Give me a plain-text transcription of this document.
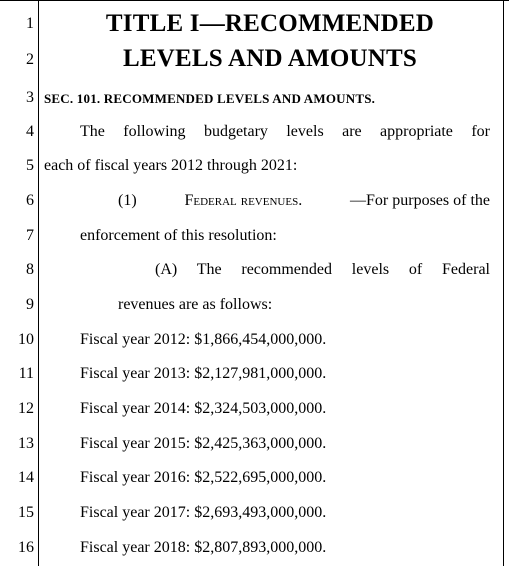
1
2
3
4
5
6
7
8
9
10
11
12
13
14
15
16
TITLE I—RECOMMENDED
LEVELS AND AMOUNTS
SEC. 101. RECOMMENDED LEVELS AND AMOUNTS.
The following budgetary levels are appropriate for
each of fiscal years 2012 through 2021:
(1)	Federal revenues.	—For purposes of the
enforcement of this resolution:
(A) The recommended levels of Federal
revenues are as follows:
Fiscal year 2012: $1,866,454,000,000.
Fiscal year 2013: $2,127,981,000,000.
Fiscal year 2014: $2,324,503,000,000.
Fiscal year 2015: $2,425,363,000,000.
Fiscal year 2016: $2,522,695,000,000.
Fiscal year 2017: $2,693,493,000,000.
Fiscal year 2018: $2,807,893,000,000.
